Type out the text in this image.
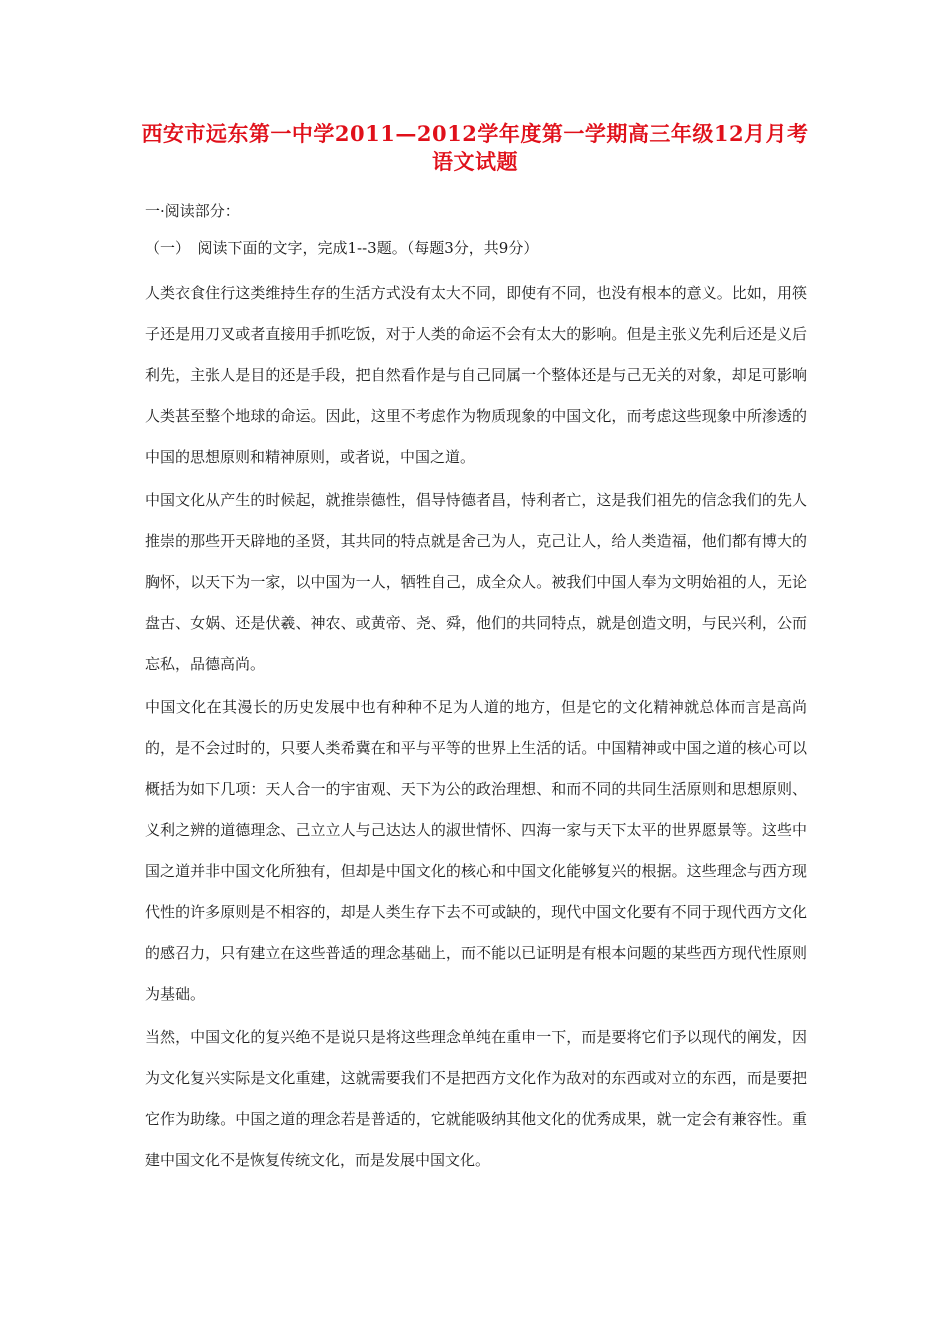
西安市远东第一中学2011—2012学年度第一学期高三年级12月月考语文试题
一·阅读部分：
（一）　阅读下面的文字，完成1--3题。（每题3分，共9分）
人类衣食住行这类维持生存的生活方式没有太大不同，即使有不同，也没有根本的意义。比如，用筷子还是用刀叉或者直接用手抓吃饭，对于人类的命运不会有太大的影响。但是主张义先利后还是义后利先，主张人是目的还是手段，把自然看作是与自己同属一个整体还是与己无关的对象，却足可影响人类甚至整个地球的命运。因此，这里不考虑作为物质现象的中国文化，而考虑这些现象中所渗透的中国的思想原则和精神原则，或者说，中国之道。
中国文化从产生的时候起，就推崇德性，倡导恃德者昌，恃利者亡，这是我们祖先的信念我们的先人推崇的那些开天辟地的圣贤，其共同的特点就是舍己为人，克己让人，给人类造福，他们都有博大的胸怀，以天下为一家，以中国为一人，牺牲自己，成全众人。被我们中国人奉为文明始祖的人，无论盘古、女娲、还是伏羲、神农、或黄帝、尧、舜，他们的共同特点，就是创造文明，与民兴利，公而忘私，品德高尚。
中国文化在其漫长的历史发展中也有种种不足为人道的地方，但是它的文化精神就总体而言是高尚的，是不会过时的，只要人类希冀在和平与平等的世界上生活的话。中国精神或中国之道的核心可以概括为如下几项：天人合一的宇宙观、天下为公的政治理想、和而不同的共同生活原则和思想原则、义利之辨的道德理念、己立立人与己达达人的淑世情怀、四海一家与天下太平的世界愿景等。这些中国之道并非中国文化所独有，但却是中国文化的核心和中国文化能够复兴的根据。这些理念与西方现代性的许多原则是不相容的，却是人类生存下去不可或缺的，现代中国文化要有不同于现代西方文化的感召力，只有建立在这些普适的理念基础上，而不能以已证明是有根本问题的某些西方现代性原则为基础。
当然，中国文化的复兴绝不是说只是将这些理念单纯在重申一下，而是要将它们予以现代的阐发，因为文化复兴实际是文化重建，这就需要我们不是把西方文化作为敌对的东西或对立的东西，而是要把它作为助缘。中国之道的理念若是普适的，它就能吸纳其他文化的优秀成果，就一定会有兼容性。重建中国文化不是恢复传统文化，而是发展中国文化。
